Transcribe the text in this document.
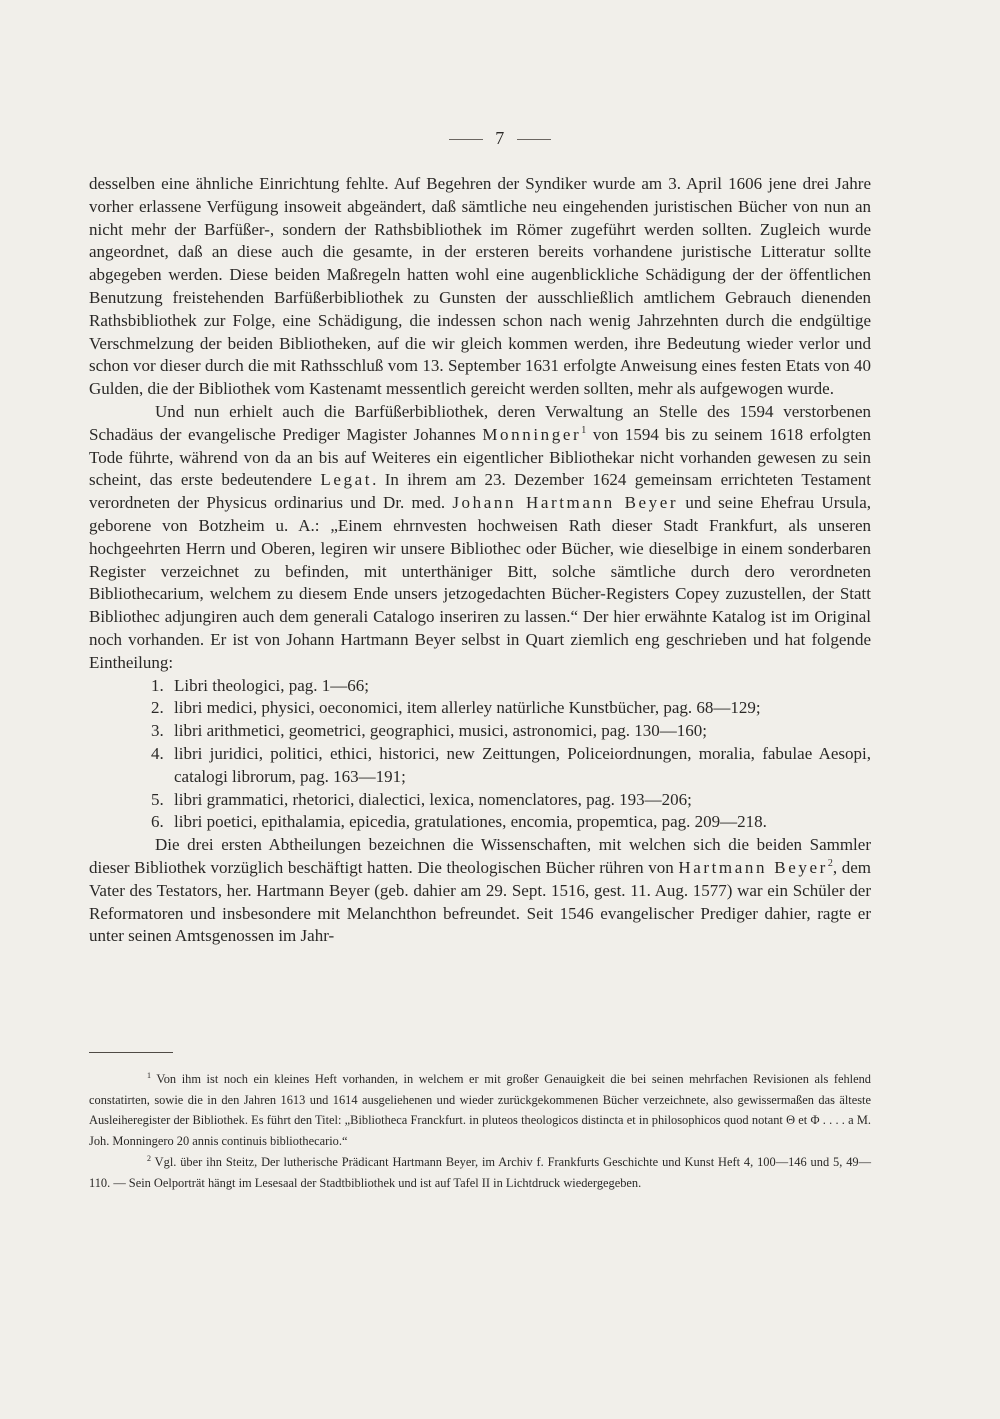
7

desselben eine ähnliche Einrichtung fehlte. Auf Begehren der Syndiker wurde am 3. April 1606 jene drei Jahre vorher erlassene Verfügung insoweit abgeändert, daß sämtliche neu eingehenden juristischen Bücher von nun an nicht mehr der Barfüßer-, sondern der Rathsbibliothek im Römer zugeführt werden sollten. Zugleich wurde angeordnet, daß an diese auch die gesamte, in der ersteren bereits vorhandene juristische Litteratur sollte abgegeben werden. Diese beiden Maßregeln hatten wohl eine augenblickliche Schädigung der der öffentlichen Benutzung freistehenden Barfüßerbibliothek zu Gunsten der ausschließlich amtlichem Gebrauch dienenden Rathsbibliothek zur Folge, eine Schädigung, die indessen schon nach wenig Jahrzehnten durch die endgültige Verschmelzung der beiden Bibliotheken, auf die wir gleich kommen werden, ihre Bedeutung wieder verlor und schon vor dieser durch die mit Rathsschluß vom 13. September 1631 erfolgte Anweisung eines festen Etats von 40 Gulden, die der Bibliothek vom Kastenamt messentlich gereicht werden sollten, mehr als aufgewogen wurde.

Und nun erhielt auch die Barfüßerbibliothek, deren Verwaltung an Stelle des 1594 verstorbenen Schadäus der evangelische Prediger Magister Johannes Monninger$^1$ von 1594 bis zu seinem 1618 erfolgten Tode führte, während von da an bis auf Weiteres ein eigentlicher Bibliothekar nicht vorhanden gewesen zu sein scheint, das erste bedeutendere Legat. In ihrem am 23. Dezember 1624 gemeinsam errichteten Testament verordneten der Physicus ordinarius und Dr. med. Johann Hartmann Beyer und seine Ehefrau Ursula, geborene von Botzheim u. A.: „Einem ehrnvesten hochweisen Rath dieser Stadt Frankfurt, als unseren hochgeehrten Herrn und Oberen, legiren wir unsere Bibliothec oder Bücher, wie dieselbige in einem sonderbaren Register verzeichnet zu befinden, mit unterthäniger Bitt, solche sämtliche durch dero verordneten Bibliothecarium, welchem zu diesem Ende unsers jetzogedachten Bücher-Registers Copey zuzustellen, der Statt Bibliothec adjungiren auch dem generali Catalogo inseriren zu lassen.“ Der hier erwähnte Katalog ist im Original noch vorhanden. Er ist von Johann Hartmann Beyer selbst in Quart ziemlich eng geschrieben und hat folgende Eintheilung:

1. Libri theologici, pag. 1—66;
2. libri medici, physici, oeconomici, item allerley natürliche Kunstbücher, pag. 68—129;
3. libri arithmetici, geometrici, geographici, musici, astronomici, pag. 130—160;
4. libri juridici, politici, ethici, historici, new Zeittungen, Policeiordnungen, moralia, fabulae Aesopi, catalogi librorum, pag. 163—191;
5. libri grammatici, rhetorici, dialectici, lexica, nomenclatores, pag. 193—206;
6. libri poetici, epithalamia, epicedia, gratulationes, encomia, propemtica, pag. 209—218.

Die drei ersten Abtheilungen bezeichnen die Wissenschaften, mit welchen sich die beiden Sammler dieser Bibliothek vorzüglich beschäftigt hatten. Die theologischen Bücher rühren von Hartmann Beyer$^2$, dem Vater des Testators, her. Hartmann Beyer (geb. dahier am 29. Sept. 1516, gest. 11. Aug. 1577) war ein Schüler der Reformatoren und insbesondere mit Melanchthon befreundet. Seit 1546 evangelischer Prediger dahier, ragte er unter seinen Amtsgenossen im Jahr-

$^1$ Von ihm ist noch ein kleines Heft vorhanden, in welchem er mit großer Genauigkeit die bei seinen mehrfachen Revisionen als fehlend constatirten, sowie die in den Jahren 1613 und 1614 ausgeliehenen und wieder zurückgekommenen Bücher verzeichnete, also gewissermaßen das älteste Ausleiheregister der Bibliothek. Es führt den Titel: „Bibliotheca Franckfurt. in pluteos theologicos distincta et in philosophicos quod notant Θ et Φ . . . . a M. Joh. Monningero 20 annis continuis bibliothecario.“

$^2$ Vgl. über ihn Steitz, Der lutherische Prädicant Hartmann Beyer, im Archiv f. Frankfurts Geschichte und Kunst Heft 4, 100—146 und 5, 49—110. — Sein Oelporträt hängt im Lesesaal der Stadtbibliothek und ist auf Tafel II in Lichtdruck wiedergegeben.
